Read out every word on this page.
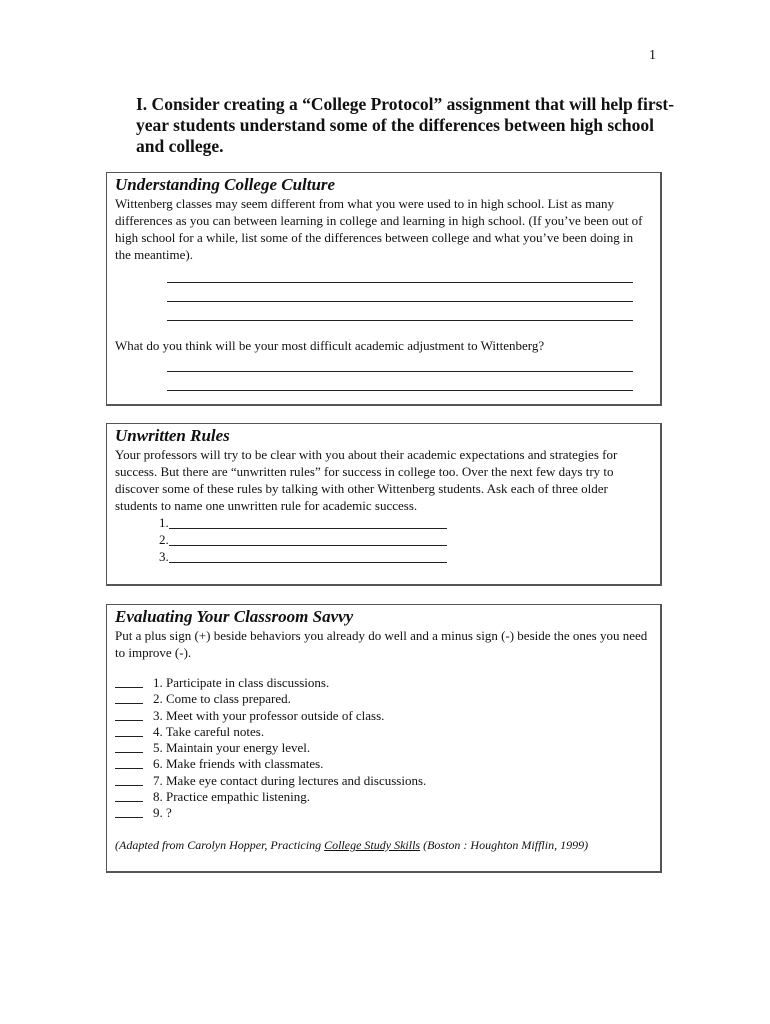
1
I. Consider creating a “College Protocol” assignment that will help first-year students understand some of the differences between high school and college.
Understanding College Culture
Wittenberg classes may seem different from what you were used to in high school. List as many differences as you can between learning in college and learning in high school. (If you’ve been out of high school for a while, list some of the differences between college and what you’ve been doing in the meantime).
What do you think will be your most difficult academic adjustment to Wittenberg?
Unwritten Rules
Your professors will try to be clear with you about their academic expectations and strategies for success. But there are “unwritten rules” for success in college too. Over the next few days try to discover some of these rules by talking with other Wittenberg students. Ask each of three older students to name one unwritten rule for academic success.
1.
2.
3.
Evaluating Your Classroom Savvy
Put a plus sign (+) beside behaviors you already do well and a minus sign (-) beside the ones you need to improve (-).
1. Participate in class discussions.
2. Come to class prepared.
3. Meet with your professor outside of class.
4. Take careful notes.
5. Maintain your energy level.
6. Make friends with classmates.
7. Make eye contact during lectures and discussions.
8. Practice empathic listening.
9. ?
(Adapted from Carolyn Hopper, Practicing College Study Skills (Boston : Houghton Mifflin, 1999)
